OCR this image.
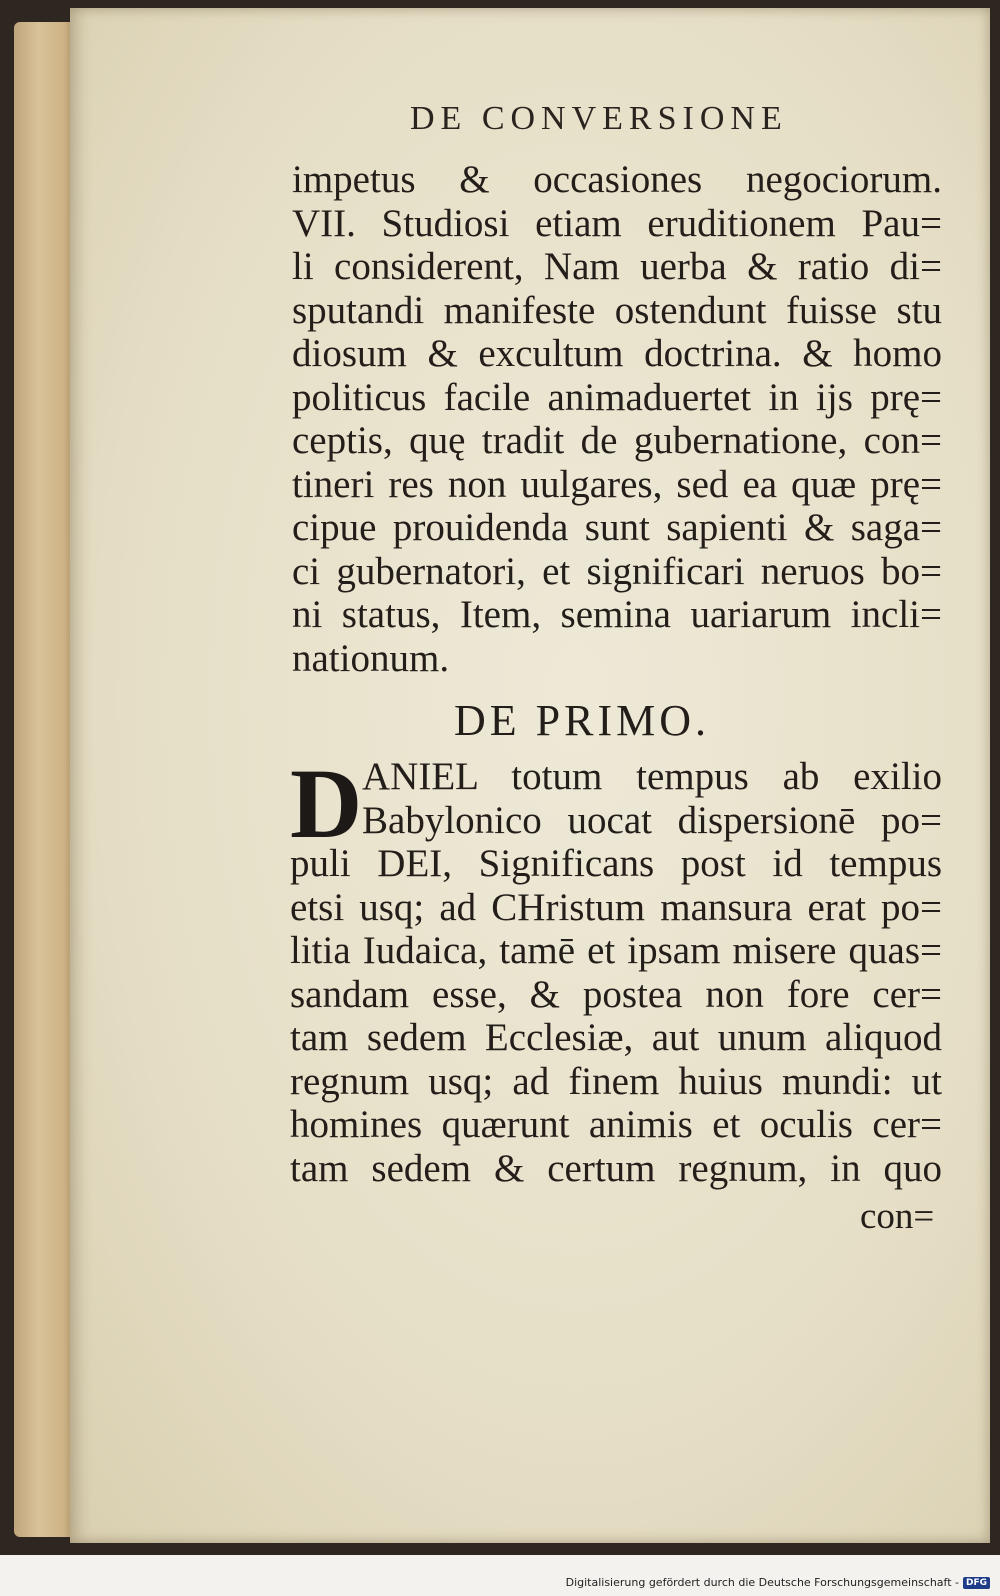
DE CONVERSIONE
impetus & occasiones negociorum.
VII. Studiosi etiam eruditionem Pau=
li considerent, Nam uerba & ratio di=
sputandi manifeste ostendunt fuisse stu
diosum & excultum doctrina. & homo
politicus facile animaduertet in ijs prę=
ceptis, quę tradit de gubernatione, con=
tineri res non uulgares, sed ea quæ prę=
cipue prouidenda sunt sapienti & saga=
ci gubernatori, et significari neruos bo=
ni status, Item, semina uariarum incli=
nationum.
DE PRIMO.
D ANIEL totum tempus ab exilio
Babylonico uocat dispersionē po=
puli DEI, Significans post id tempus
etsi usq; ad CHristum mansura erat po=
litia Iudaica, tamē et ipsam misere quas=
sandam esse, & postea non fore cer=
tam sedem Ecclesiæ, aut unum aliquod
regnum usq; ad finem huius mundi: ut
homines quærunt animis et oculis cer=
tam sedem & certum regnum, in quo
con=
Digitalisierung gefördert durch die Deutsche Forschungsgemeinschaft - DFG
